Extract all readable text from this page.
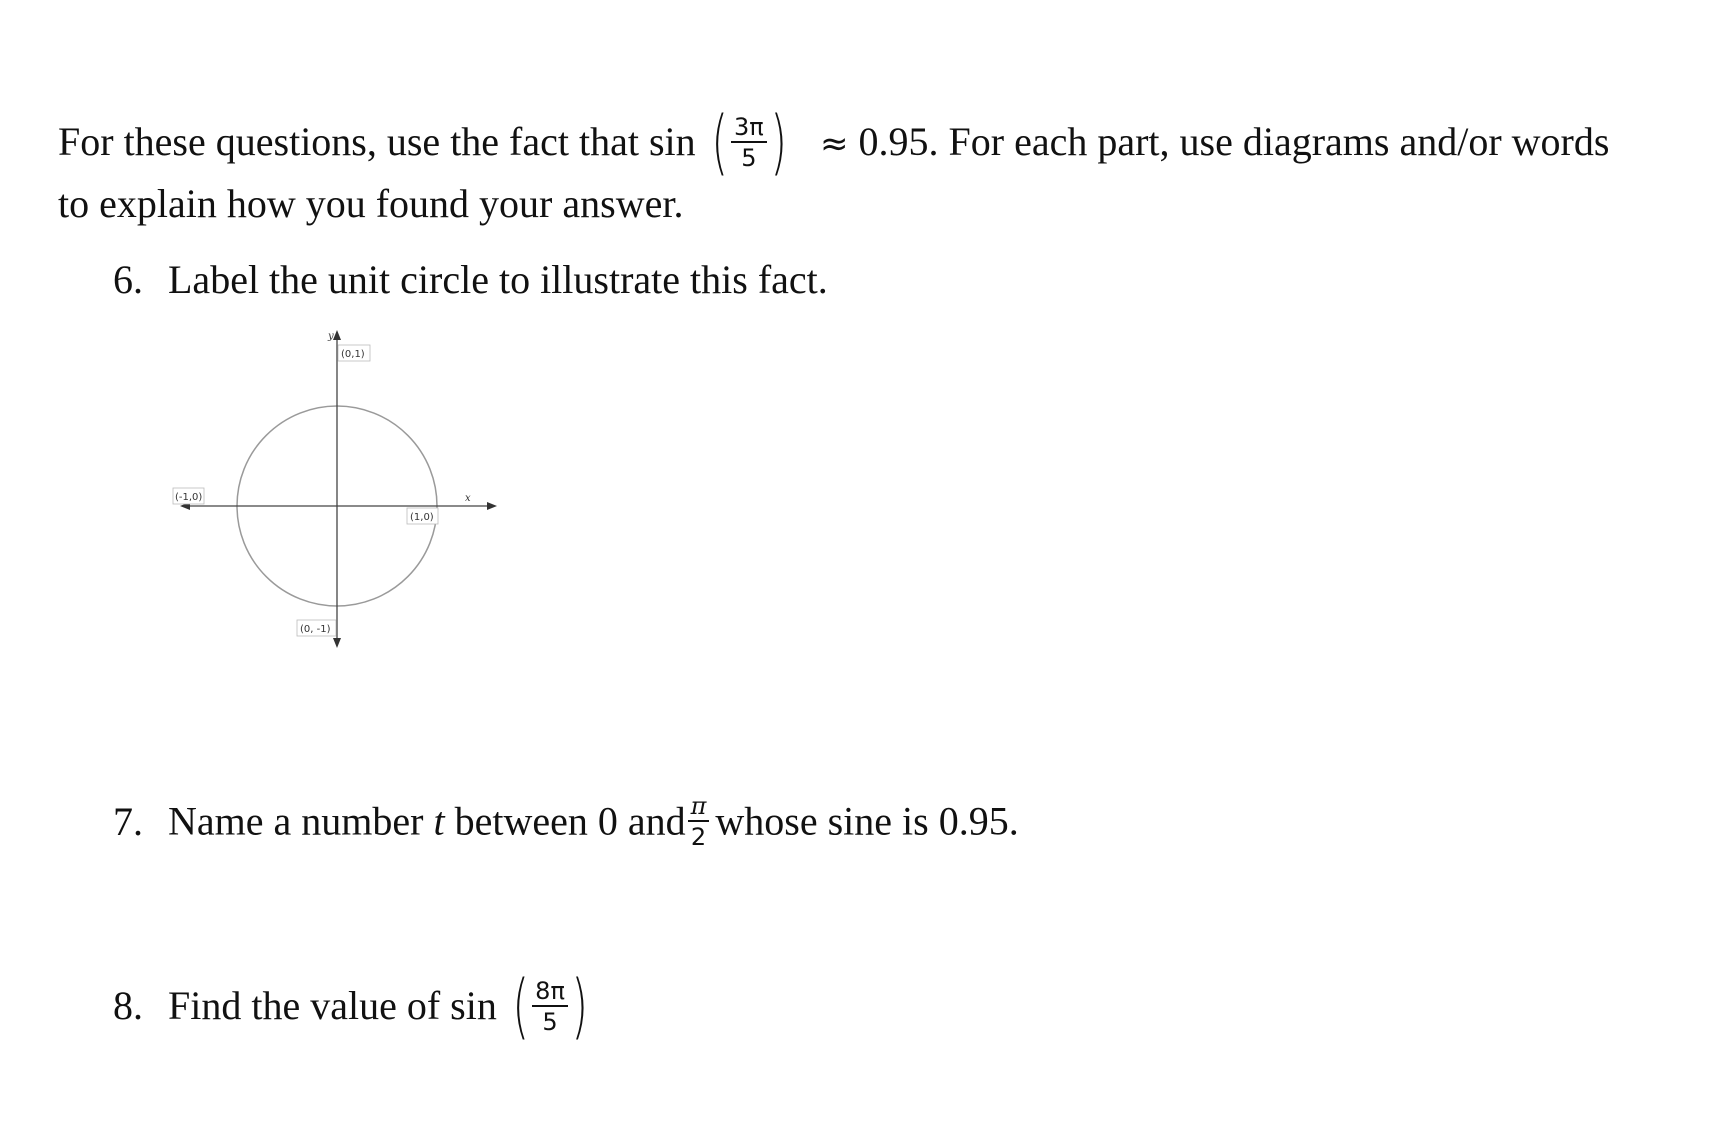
For these questions, use the fact that sin ( $\frac{3\pi}{5}$ ) ≈ 0.95. For each part, use diagrams and/or words
to explain how you found your answer.
6. Label the unit circle to illustrate this fact.
y
x
(0,1)
(1,0)
(-1,0)
(0, -1)
7. Name a number t between 0 and $\frac{\pi}{2}$ whose sine is 0.95.
8. Find the value of sin ( $\frac{8\pi}{5}$ )
